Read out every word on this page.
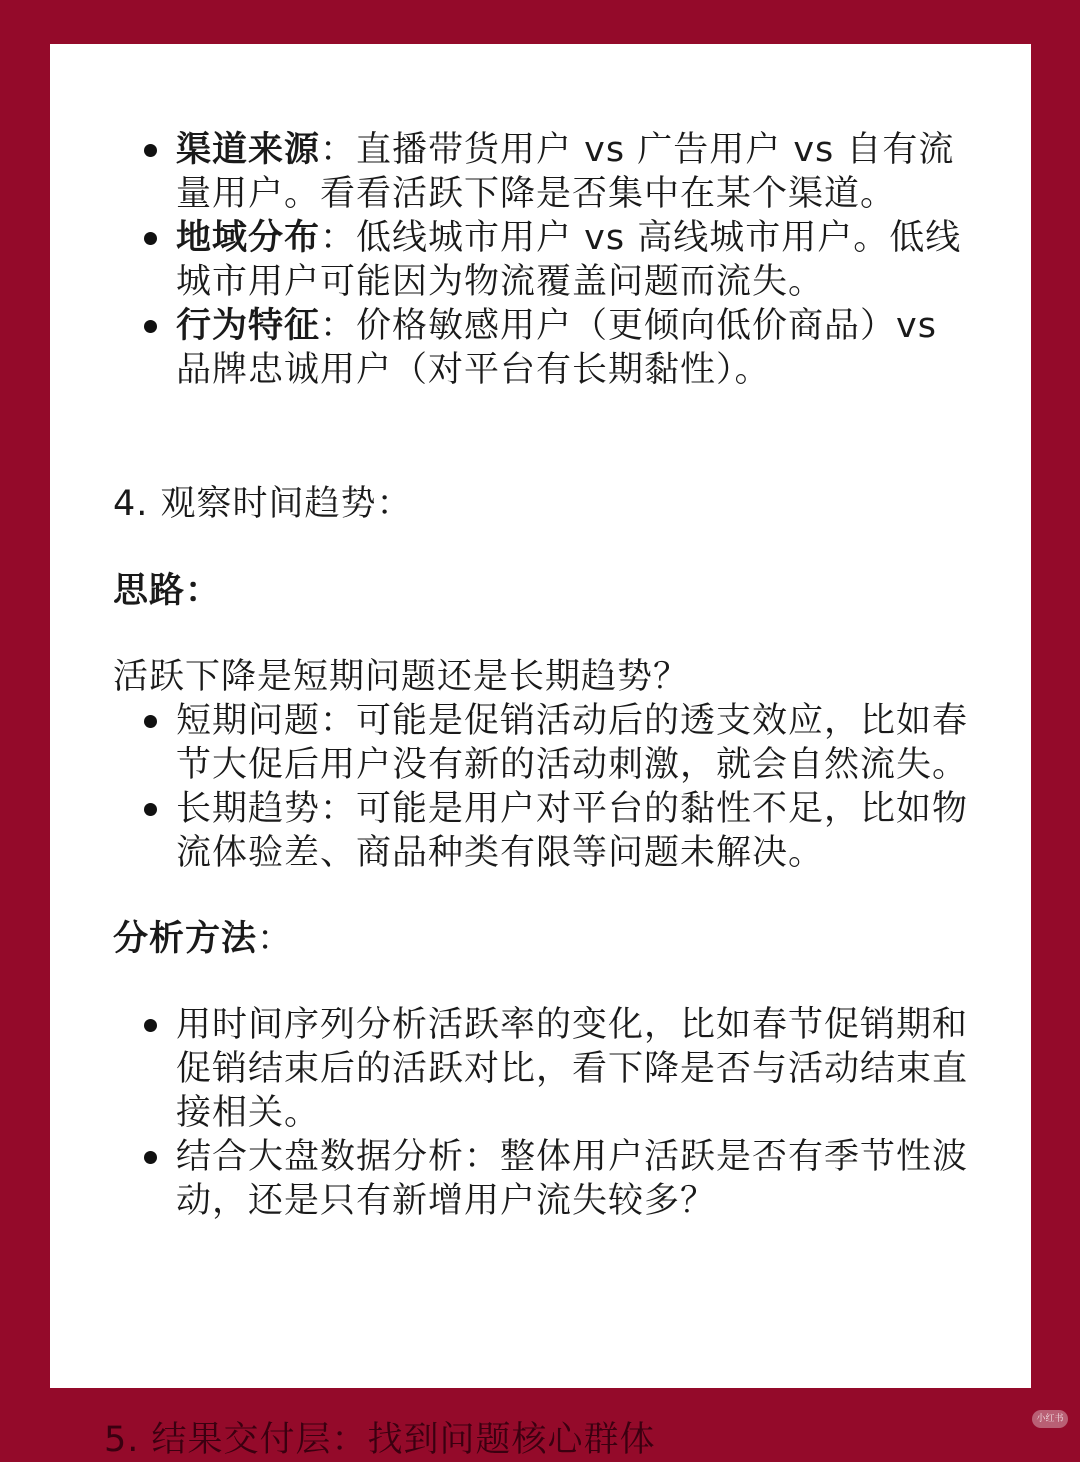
渠道来源：直播带货用户 vs 广告用户 vs 自有流量用户。看看活跃下降是否集中在某个渠道。
地域分布：低线城市用户 vs 高线城市用户。低线城市用户可能因为物流覆盖问题而流失。
行为特征：价格敏感用户（更倾向低价商品）vs 品牌忠诚用户（对平台有长期黏性）。
4. 观察时间趋势：
思路：
活跃下降是短期问题还是长期趋势？
短期问题：可能是促销活动后的透支效应，比如春节大促后用户没有新的活动刺激，就会自然流失。
长期趋势：可能是用户对平台的黏性不足，比如物流体验差、商品种类有限等问题未解决。
分析方法：
用时间序列分析活跃率的变化，比如春节促销期和促销结束后的活跃对比，看下降是否与活动结束直接相关。
结合大盘数据分析：整体用户活跃是否有季节性波动，还是只有新增用户流失较多？
5. 结果交付层：找到问题核心群体
小红书
